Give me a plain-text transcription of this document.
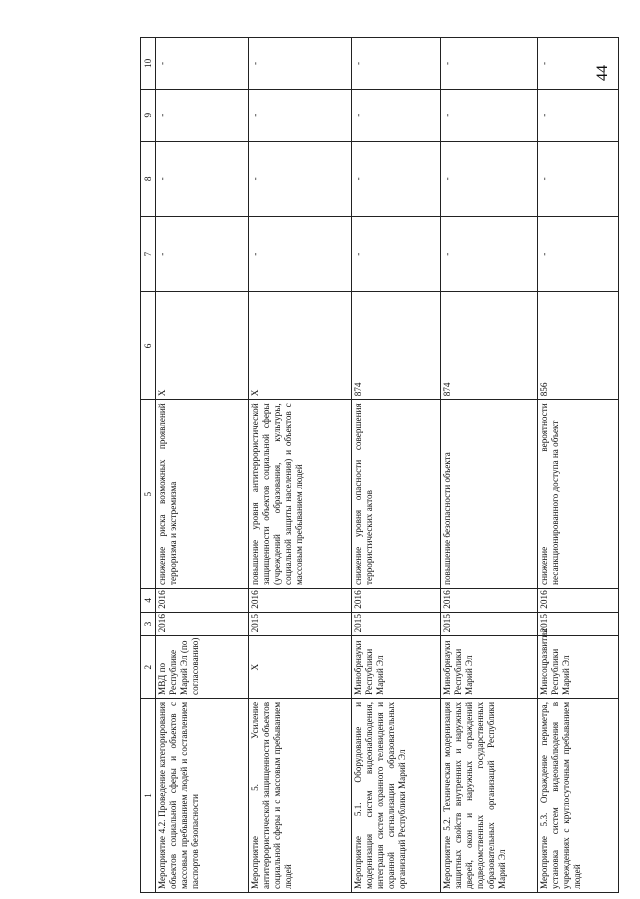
44
1	2	3	4	5	6	7	8	9	10
Мероприятие 4.2. Проведение категорирования объектов социальной сферы и объектов с массовым пребыванием людей и составлением паспортов безопасности	МВД по Республике Марий Эл (по согласованию)	2016	2016	снижение риска возможных проявлений терроризма и экстремизма	X	-	-	-	-
Мероприятие 5. Усиление антитеррористической защищенности объектов социальной сферы и с массовым пребыванием людей	X	2015	2016	повышение уровня антитеррористической защищенности объектов социальной сферы (учреждений образования, культуры, социальной защиты населения) и объектов с массовым пребыванием людей	X	-	-	-	-
Мероприятие 5.1. Оборудование и модернизация систем видеонаблюдения, интеграция систем охранного телевидения и охранной сигнализации образовательных организаций Республики Марий Эл	Минобрнауки Республики Марий Эл	2015	2016	снижение уровня опасности совершения террористических актов	874	-	-	-	-
Мероприятие 5.2. Техническая модернизация защитных свойств внутренних и наружных дверей, окон и наружных ограждений подведомственных государственных образовательных организаций Республики Марий Эл	Минобрнауки Республики Марий Эл	2015	2016	повышение безопасности объекта	874	-	-	-	-
Мероприятие 5.3. Ограждение периметра, установка систем видеонаблюдения в учреждениях с круглосуточным пребыванием людей	Минсоцразвития Республики Марий Эл	2015	2016	снижение вероятности несанкционированного доступа на объект	856	-	-	-	-
